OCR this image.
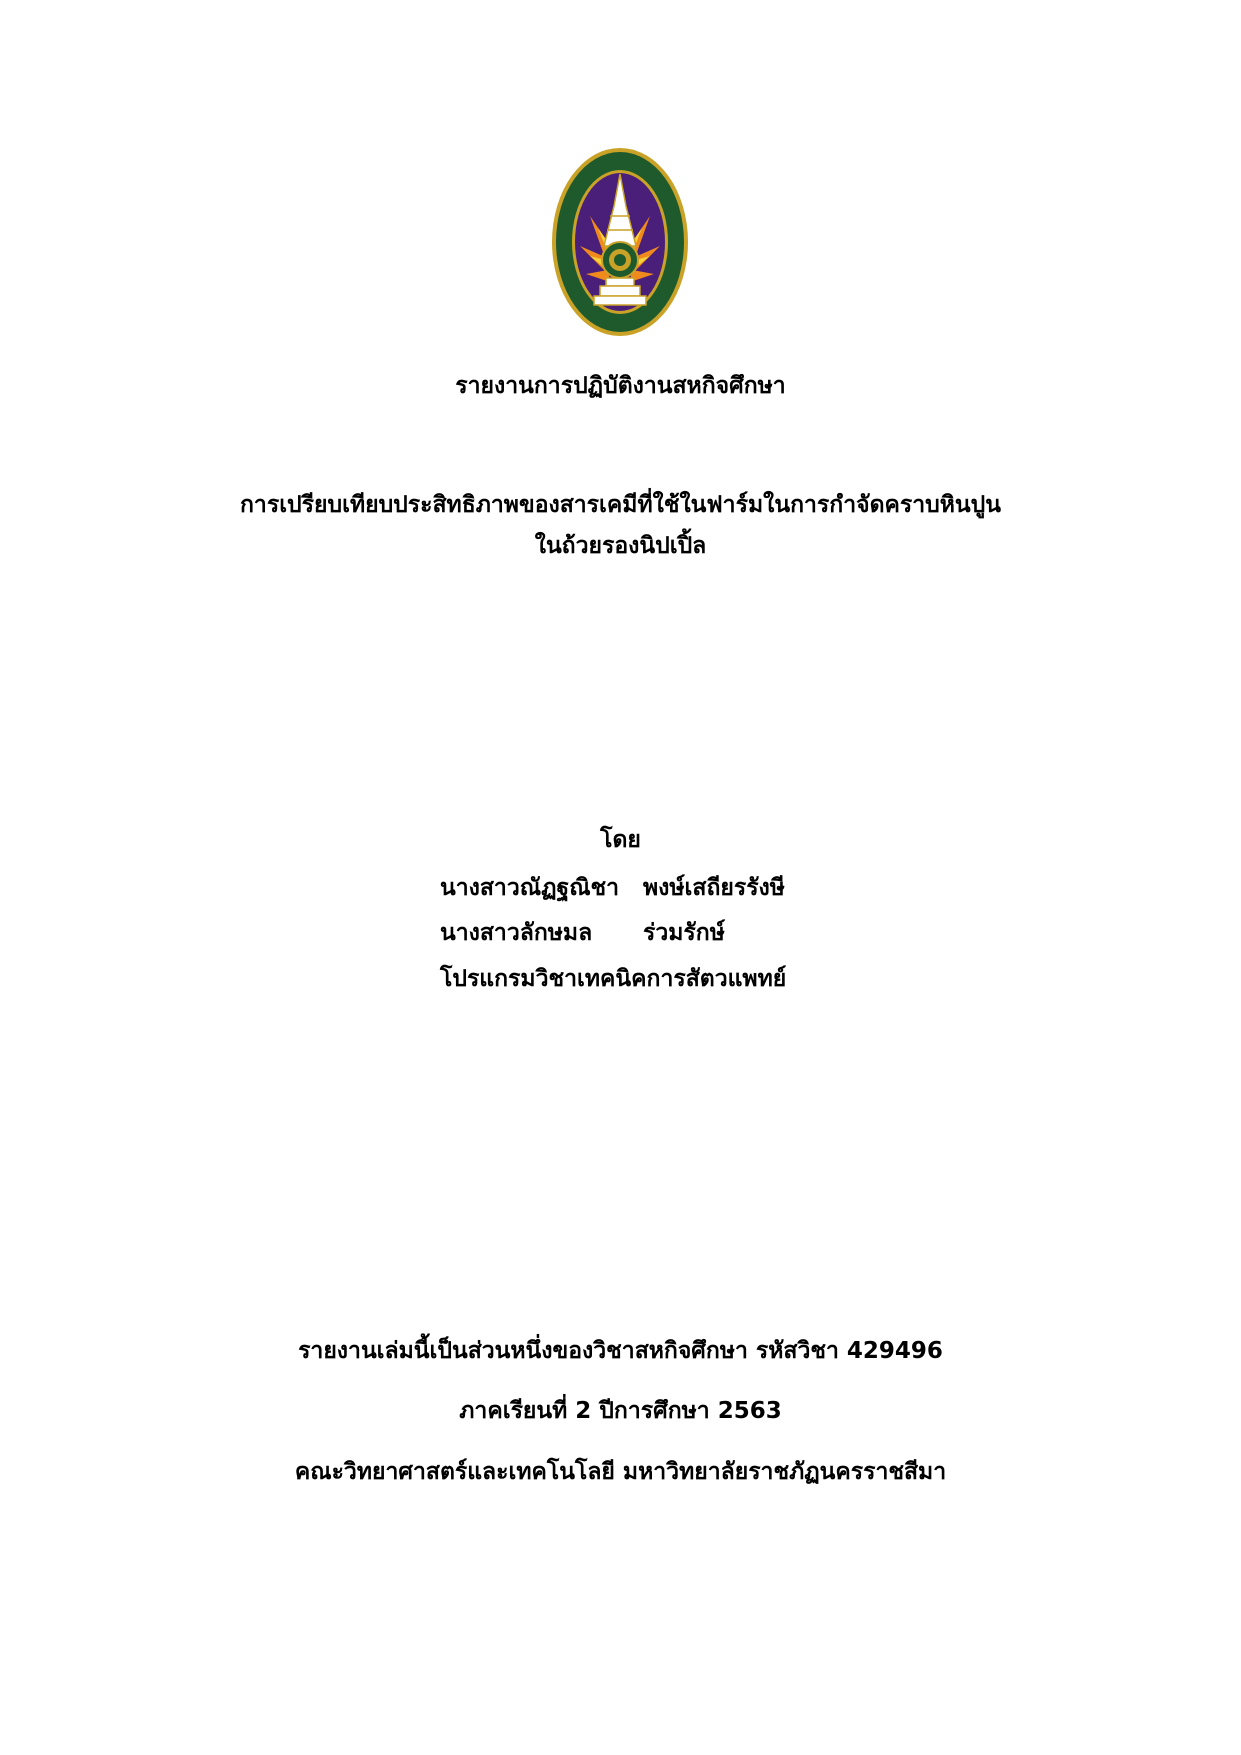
รายงานการปฏิบัติงานสหกิจศึกษา
การเปรียบเทียบประสิทธิภาพของสารเคมีที่ใช้ในฟาร์มในการกำจัดคราบหินปูน
ในถ้วยรองนิปเปิ้ล
โดย
นางสาวณัฏฐณิชา พงษ์เสถียรรังษี
นางสาวลักษมล ร่วมรักษ์
โปรแกรมวิชาเทคนิคการสัตวแพทย์
รายงานเล่มนี้เป็นส่วนหนึ่งของวิชาสหกิจศึกษา รหัสวิชา 429496
ภาคเรียนที่ 2 ปีการศึกษา 2563
คณะวิทยาศาสตร์และเทคโนโลยี มหาวิทยาลัยราชภัฏนครราชสีมา
